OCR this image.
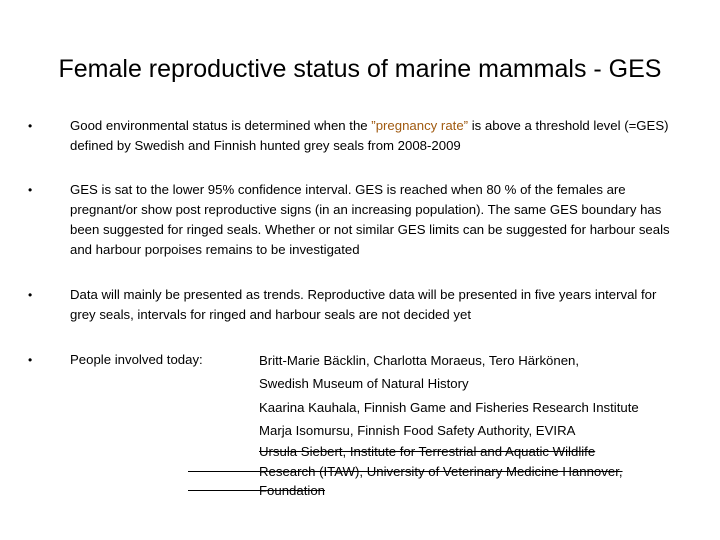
Female reproductive status of marine mammals - GES
•	Good environmental status is determined when the ”pregnancy rate” is above a threshold level (=GES) defined by Swedish and Finnish hunted grey seals from 2008-2009
•	GES is sat to the lower 95% confidence interval. GES is reached when 80 % of the females are pregnant/or show post reproductive signs (in an increasing population). The same GES boundary has been suggested for ringed seals. Whether or not similar GES limits can be suggested for harbour seals and harbour porpoises remains to be investigated
•	Data will mainly be presented as trends. Reproductive data will be presented in five years interval for grey seals, intervals for ringed and harbour seals are not decided yet
•	People involved today:	Britt-Marie Bäcklin, Charlotta Moraeus, Tero Härkönen,
Swedish Museum of Natural History
Kaarina Kauhala, Finnish Game and Fisheries Research Institute
Marja Isomursu, Finnish Food Safety Authority, EVIRA
Ursula Siebert, Institute for Terrestrial and Aquatic Wildlife
Research (ITAW), University of Veterinary Medicine Hannover,
Foundation
